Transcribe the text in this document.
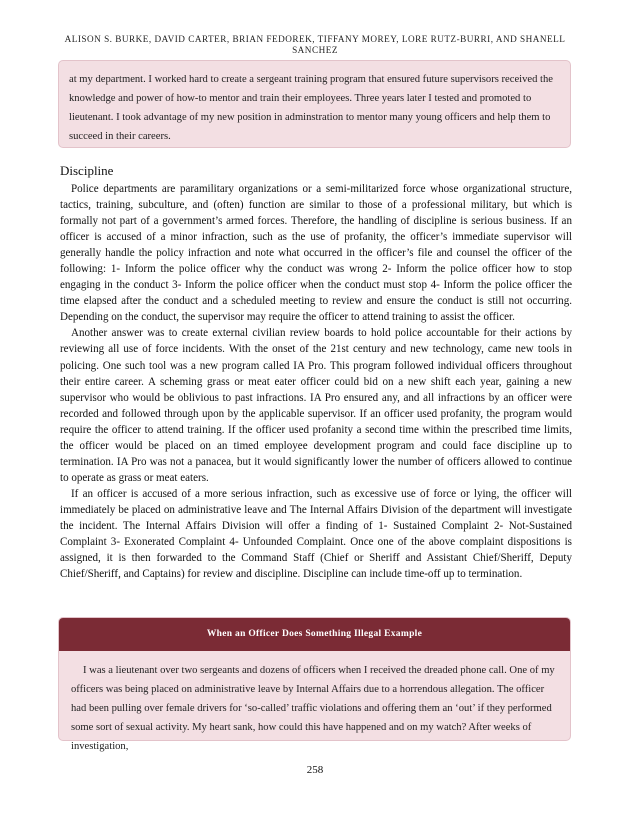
ALISON S. BURKE, DAVID CARTER, BRIAN FEDOREK, TIFFANY MOREY, LORE RUTZ-BURRI, AND SHANELL SANCHEZ

at my department. I worked hard to create a sergeant training program that ensured future supervisors received the knowledge and power of how-to mentor and train their employees. Three years later I tested and promoted to lieutenant. I took advantage of my new position in adminstration to mentor many young officers and help them to succeed in their careers.

Discipline

Police departments are paramilitary organizations or a semi-militarized force whose organizational structure, tactics, training, subculture, and (often) function are similar to those of a professional military, but which is formally not part of a government’s armed forces. Therefore, the handling of discipline is serious business. If an officer is accused of a minor infraction, such as the use of profanity, the officer’s immediate supervisor will generally handle the policy infraction and note what occurred in the officer’s file and counsel the officer of the following: 1- Inform the police officer why the conduct was wrong 2- Inform the police officer how to stop engaging in the conduct 3- Inform the police officer when the conduct must stop 4- Inform the police officer the time elapsed after the conduct and a scheduled meeting to review and ensure the conduct is still not occurring. Depending on the conduct, the supervisor may require the officer to attend training to assist the officer.

Another answer was to create external civilian review boards to hold police accountable for their actions by reviewing all use of force incidents. With the onset of the 21st century and new technology, came new tools in policing. One such tool was a new program called IA Pro. This program followed individual officers throughout their entire career. A scheming grass or meat eater officer could bid on a new shift each year, gaining a new supervisor who would be oblivious to past infractions. IA Pro ensured any, and all infractions by an officer were recorded and followed through upon by the applicable supervisor. If an officer used profanity, the program would require the officer to attend training. If the officer used profanity a second time within the prescribed time limits, the officer would be placed on an timed employee development program and could face discipline up to termination. IA Pro was not a panacea, but it would significantly lower the number of officers allowed to continue to operate as grass or meat eaters.

If an officer is accused of a more serious infraction, such as excessive use of force or lying, the officer will immediately be placed on administrative leave and The Internal Affairs Division of the department will investigate the incident. The Internal Affairs Division will offer a finding of 1- Sustained Complaint 2- Not-Sustained Complaint 3- Exonerated Complaint 4- Unfounded Complaint. Once one of the above complaint dispositions is assigned, it is then forwarded to the Command Staff (Chief or Sheriff and Assistant Chief/Sheriff, Deputy Chief/Sheriff, and Captains) for review and discipline. Discipline can include time-off up to termination.

When an Officer Does Something Illegal Example

I was a lieutenant over two sergeants and dozens of officers when I received the dreaded phone call. One of my officers was being placed on administrative leave by Internal Affairs due to a horrendous allegation. The officer had been pulling over female drivers for ‘so-called’ traffic violations and offering them an ‘out’ if they performed some sort of sexual activity. My heart sank, how could this have happened and on my watch? After weeks of investigation,

258
